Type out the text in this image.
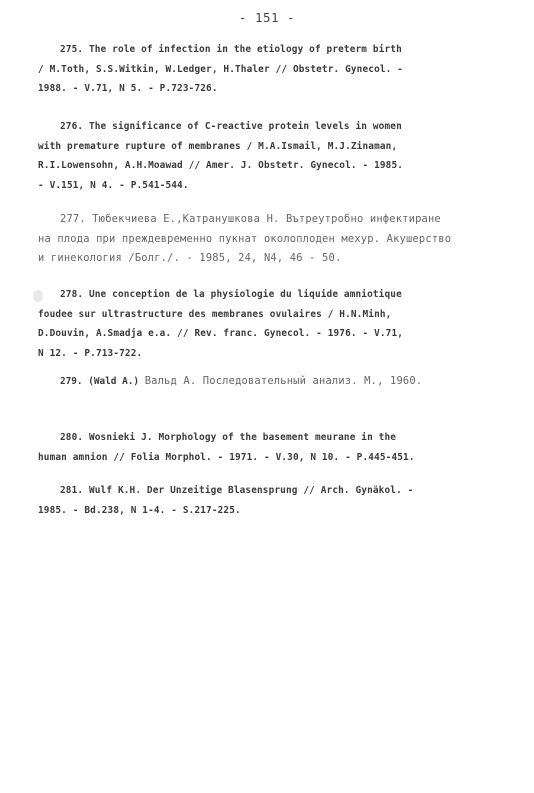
- 151 -
275. The role of infection in the etiology of preterm birth
/ M.Toth, S.S.Witkin, W.Ledger, H.Thaler // Obstetr. Gynecol. -
1988. - V.71, N 5. - P.723-726.
276. The significance of C-reactive protein levels in women
with premature rupture of membranes / M.A.Ismail, M.J.Zinaman,
R.I.Lowensohn, A.H.Moawad // Amer. J. Obstetr. Gynecol. - 1985.
- V.151, N 4. - P.541-544.
277. Тюбекчиева Е.,Катранушкова Н. Вътреутробно инфектиране
на плода при преждевременно пукнат околоплоден мехур. Акушерство
и гинекология /Болг./. - 1985, 24, N4, 46 - 50.
278. Une conception de la physiologie du liquide amniotique
foudee sur ultrastructure des membranes ovulaires / H.N.Minh,
D.Douvin, A.Smadja e.a. // Rev. franc. Gynecol. - 1976. - V.71,
N 12. - P.713-722.
279. (Wald A.) Вальд А. Последовательный анализ. М., 1960.
280. Wosnieki J. Morphology of the basement meurane in the
human amnion // Folia Morphol. - 1971. - V.30, N 10. - P.445-451.
281. Wulf K.H. Der Unzeitige Blasensprung // Arch. Gynäkol. -
1985. - Bd.238, N 1-4. - S.217-225.
